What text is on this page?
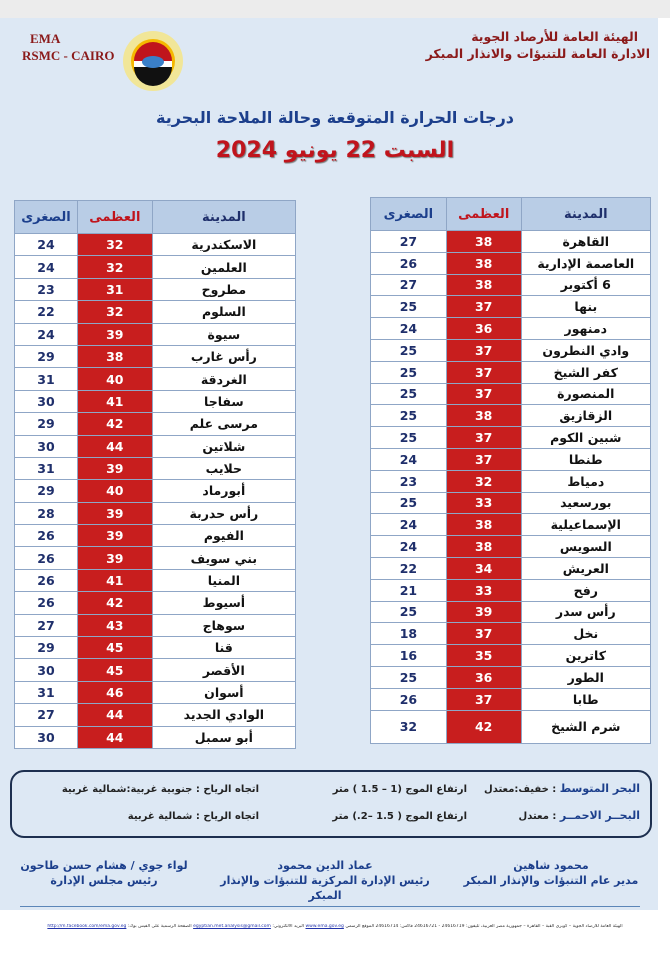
EMA
RSMC - CAIRO
الهيئة العامة للأرصاد الجوية
الادارة العامة للتنبؤات والانذار المبكر
درجات الحرارة المتوقعة وحالة الملاحة البحرية
السبت 22 يونيو 2024
المدينة	العظمى	الصغرى
القاهرة	38	27
العاصمة الإدارية	38	26
6 أكتوبر	38	27
بنها	37	25
دمنهور	36	24
وادي النطرون	37	25
كفر الشيخ	37	25
المنصورة	37	25
الزقازيق	38	25
شبين الكوم	37	25
طنطا	37	24
دمياط	32	23
بورسعيد	33	25
الإسماعيلية	38	24
السويس	38	24
العريش	34	22
رفح	33	21
رأس سدر	39	25
نخل	37	18
كاترين	35	16
الطور	36	25
طابا	37	26
شرم الشيخ	42	32
المدينة	العظمى	الصغرى
الاسكندرية	32	24
العلمين	32	24
مطروح	31	23
السلوم	32	22
سيوة	39	24
رأس غارب	38	29
الغردقة	40	31
سفاجا	41	30
مرسى علم	42	29
شلاتين	44	30
حلايب	39	31
أبورماد	40	29
رأس حدربة	39	28
الفيوم	39	26
بني سويف	39	26
المنيا	41	26
أسيوط	42	26
سوهاج	43	27
قنا	45	29
الأقصر	45	30
أسوان	46	31
الوادي الجديد	44	27
أبو سمبل	44	30
البحر المتوسط : خفيف:معتدل
ارتفاع الموج (1 – 1.5 ) متر
اتجاه الرياح : جنوبية غربية:شمالية غربية
البحــر الاحمــر : معتدل
ارتفاع الموج ( 1.5 –2.) متر
اتجاه الرياح : شمالية غربية
محمود شاهين
مدير عام التنبؤات والإنذار المبكر
عماد الدين محمود
رئيس الإدارة المركزية للتنبؤات والإنذار المبكر
لواء جوي / هشام حسن طاحون
رئيس مجلس الإدارة
الهيئة العامة للأرصاد الجوية – كوبري القبة – القاهرة – جمهورية مصر العربية، تليفون: 24616719 - 24616721 فاكس: 24616714 الموقع الرسمي www.ema.gov.eg البريد الالكتروني: egyptian.met.analysis@gmail.com الصفحة الرسمية على الفيس بوك: http://m.facebook.com/ema.gov.eg
